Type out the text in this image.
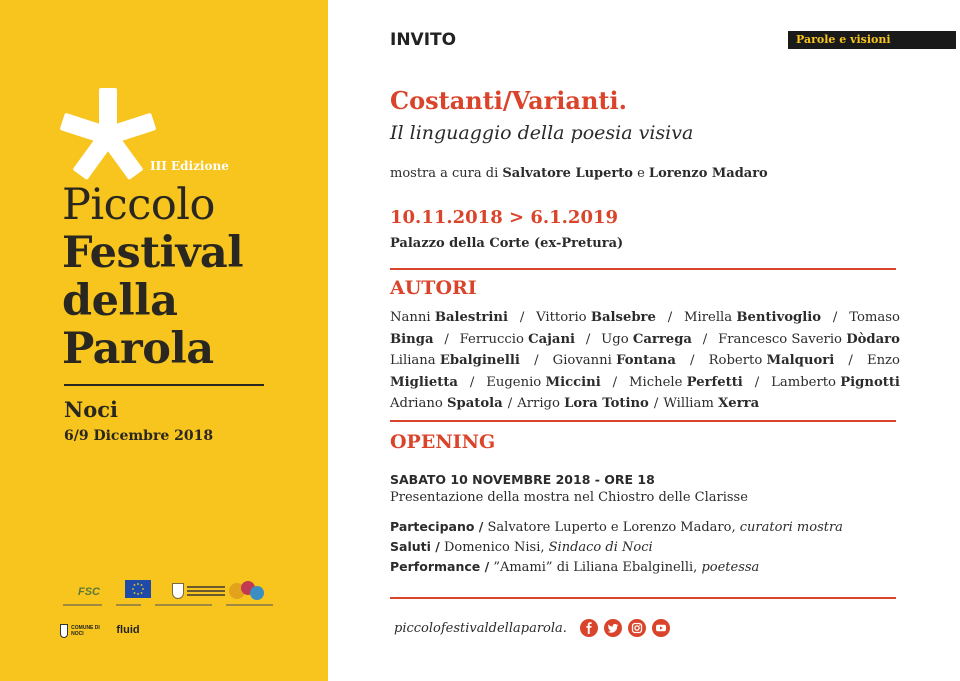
III Edizione
Piccolo
Festival
della
Parola
Noci
6/9 Dicembre 2018
FSC
COMUNE DI NOCI	fluid
INVITO	Parole e visioni
Costanti/Varianti.
Il linguaggio della poesia visiva
mostra a cura di Salvatore Luperto e Lorenzo Madaro
10.11.2018 > 6.1.2019
Palazzo della Corte (ex-Pretura)
AUTORI
Nanni Balestrini / Vittorio Balsebre / Mirella Bentivoglio / Tomaso
Binga / Ferruccio Cajani / Ugo Carrega / Francesco Saverio Dòdaro
Liliana Ebalginelli / Giovanni Fontana / Roberto Malquori / Enzo
Miglietta / Eugenio Miccini / Michele Perfetti / Lamberto Pignotti
Adriano Spatola / Arrigo Lora Totino / William Xerra
OPENING
SABATO 10 NOVEMBRE 2018 - ORE 18
Presentazione della mostra nel Chiostro delle Clarisse
Partecipano / Salvatore Luperto e Lorenzo Madaro, curatori mostra
Saluti / Domenico Nisi, Sindaco di Noci
Performance / ”Amami” di Liliana Ebalginelli, poetessa
piccolofestivaldellaparola.
